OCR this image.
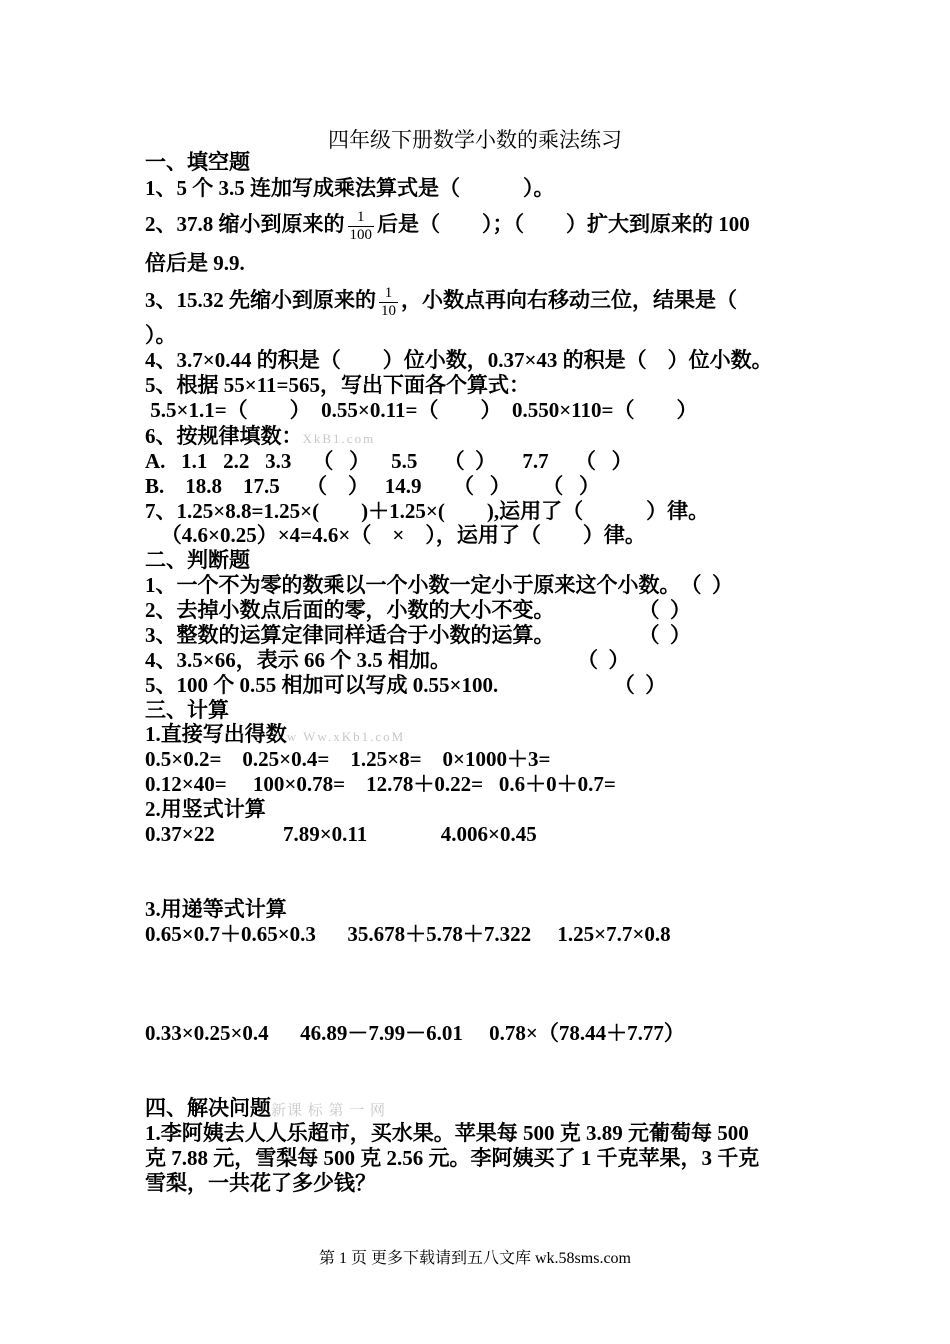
四年级下册数学小数的乘法练习
一、填空题
1、5 个 3.5 连加写成乘法算式是（　　　）。
2、37.8 缩小到原来的 $\frac{1}{100}$ 后是（　　）；（　　）扩大到原来的 100
倍后是 9.9.
3、15.32 先缩小到原来的 $\frac{1}{10}$ ，小数点再向右移动三位，结果是（
）。
4、3.7×0.44 的积是（　　）位小数，0.37×43 的积是（　）位小数。
5、根据 55×11=565，写出下面各个算式：
5.5×1.1=（　　）  0.55×0.11=（　　）  0.550×110=（　　）
6、按规律填数：XkB1.com
A.   1.1   2.2   3.3    （   ）    5.5     （  ）     7.7     （   ）
B.    18.8    17.5     （    ）   14.9      （   ）      （   ）
7、1.25×8.8=1.25×(　　)＋1.25×(　　),运用了（　　　）律。
（4.6×0.25）×4=4.6×（　×　），运用了（　　）律。
二、判断题
1、一个不为零的数乘以一个小数一定小于原来这个小数。　（  ）
2、去掉小数点后面的零，小数的大小不变。　　　　　（  ）
3、整数的运算定律同样适合于小数的运算。　　　　　（  ）
4、3.5×66，表示 66 个 3.5 相加。　　　　　　　（  ）
5、100 个 0.55 相加可以写成 0.55×100.　　　　　　（  ）
三、计算
1.直接写出得数w Ww.xKb1.coM
0.5×0.2=    0.25×0.4=    1.25×8=    0×1000＋3=
0.12×40=     100×0.78=    12.78＋0.22=   0.6＋0＋0.7=
2.用竖式计算
0.37×22             7.89×0.11              4.006×0.45
3.用递等式计算
0.65×0.7＋0.65×0.3      35.678＋5.78＋7.322     1.25×7.7×0.8
0.33×0.25×0.4      46.89－7.99－6.01     0.78×（78.44＋7.77）
四、解决问题新课 标 第 一 网
1.李阿姨去人人乐超市，买水果。苹果每 500 克 3.89 元葡萄每 500
克 7.88 元，雪梨每 500 克 2.56 元。李阿姨买了 1 千克苹果，3 千克
雪梨，一共花了多少钱？
第 1 页 更多下载请到五八文库 wk.58sms.com
